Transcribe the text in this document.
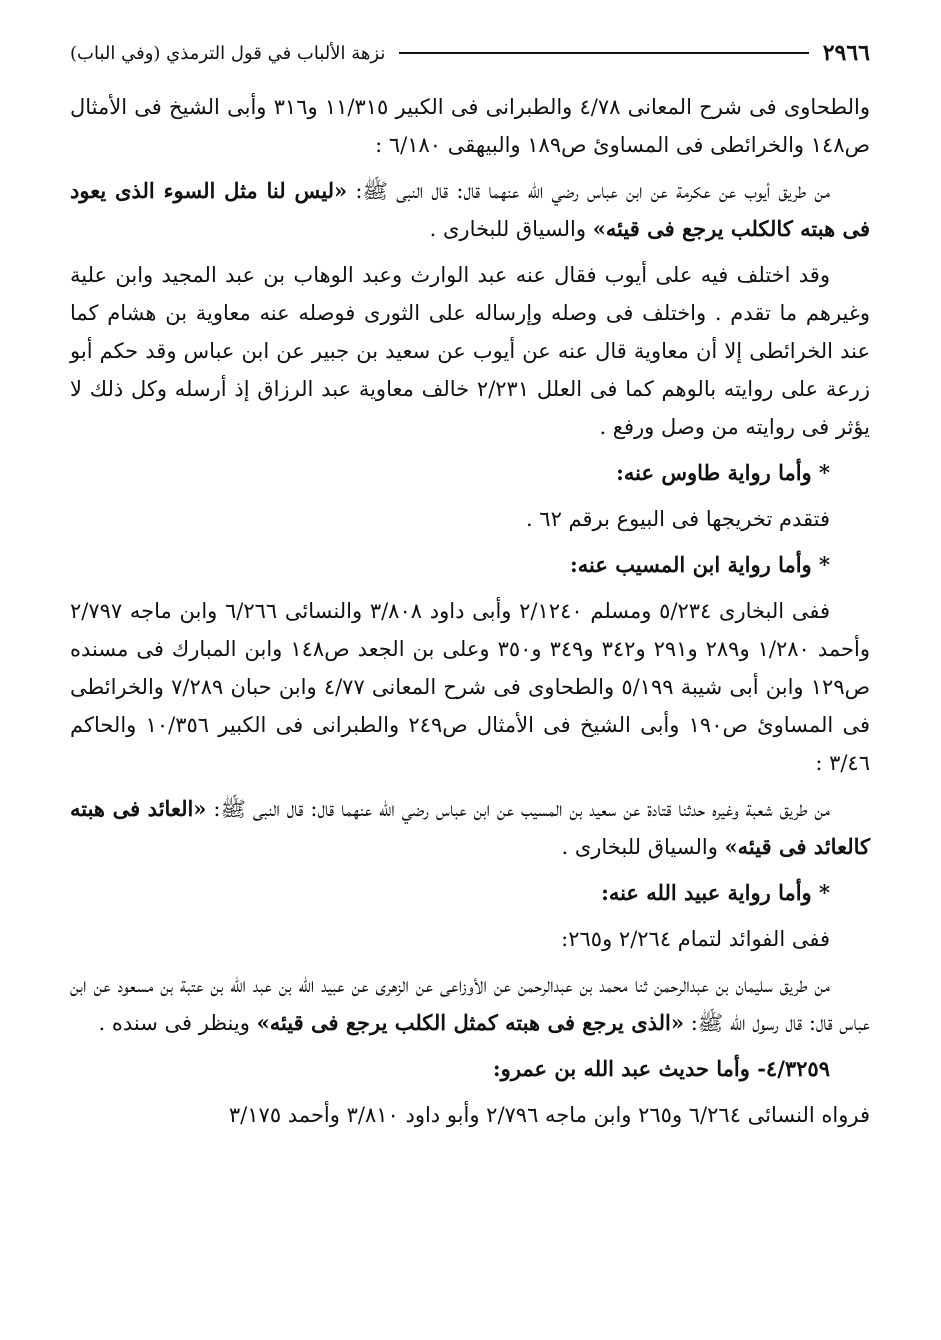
٢٩٦٦
نزهة الألباب في قول الترمذي (وفي الباب)

والطحاوى فى شرح المعانى ٤/٧٨ والطبرانى فى الكبير ١١/٣١٥ و٣١٦ وأبى الشيخ فى الأمثال ص١٤٨ والخرائطى فى المساوئ ص١٨٩ والبيهقى ٦/١٨٠ :

من طريق أيوب عن عكرمة عن ابن عباس رضي الله عنهما قال: قال النبى ﷺ: «ليس لنا مثل السوء الذى يعود فى هبته كالكلب يرجع فى قيئه» والسياق للبخارى .

وقد اختلف فيه على أيوب فقال عنه عبد الوارث وعبد الوهاب بن عبد المجيد وابن علية وغيرهم ما تقدم . واختلف فى وصله وإرساله على الثورى فوصله عنه معاوية بن هشام كما عند الخرائطى إلا أن معاوية قال عنه عن أيوب عن سعيد بن جبير عن ابن عباس وقد حكم أبو زرعة على روايته بالوهم كما فى العلل ٢/٢٣١ خالف معاوية عبد الرزاق إذ أرسله وكل ذلك لا يؤثر فى روايته من وصل ورفع .

* وأما رواية طاوس عنه:

فتقدم تخريجها فى البيوع برقم ٦٢ .

* وأما رواية ابن المسيب عنه:

ففى البخارى ٥/٢٣٤ ومسلم ٢/١٢٤٠ وأبى داود ٣/٨٠٨ والنسائى ٦/٢٦٦ وابن ماجه ٢/٧٩٧ وأحمد ١/٢٨٠ و٢٨٩ و٢٩١ و٣٤٢ و٣٤٩ و٣٥٠ وعلى بن الجعد ص١٤٨ وابن المبارك فى مسنده ص١٢٩ وابن أبى شيبة ٥/١٩٩ والطحاوى فى شرح المعانى ٤/٧٧ وابن حبان ٧/٢٨٩ والخرائطى فى المساوئ ص١٩٠ وأبى الشيخ فى الأمثال ص٢٤٩ والطبرانى فى الكبير ١٠/٣٥٦ والحاكم ٣/٤٦ :

من طريق شعبة وغيره حدثنا قتادة عن سعيد بن المسيب عن ابن عباس رضي الله عنهما قال: قال النبى ﷺ: «العائد فى هبته كالعائد فى قيئه» والسياق للبخارى .

* وأما رواية عبيد الله عنه:

ففى الفوائد لتمام ٢/٢٦٤ و٢٦٥:

من طريق سليمان بن عبدالرحمن ثنا محمد بن عبدالرحمن عن الأوزاعى عن الزهرى عن عبيد الله بن عبد الله بن عتبة بن مسعود عن ابن عباس قال: قال رسول الله ﷺ: «الذى يرجع فى هبته كمثل الكلب يرجع فى قيئه» وينظر فى سنده .

٤/٣٢٥٩- وأما حديث عبد الله بن عمرو:

فرواه النسائى ٦/٢٦٤ و٢٦٥ وابن ماجه ٢/٧٩٦ وأبو داود ٣/٨١٠ وأحمد ٣/١٧٥
